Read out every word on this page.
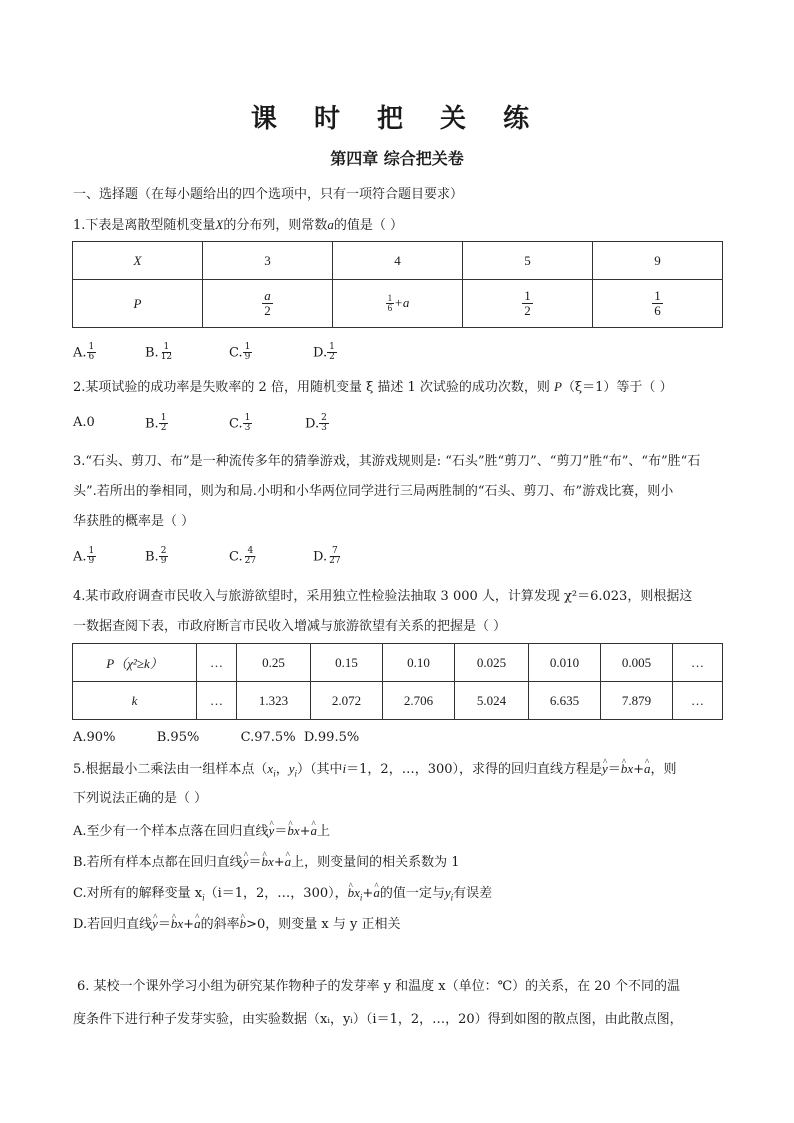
课 时 把 关 练
第四章 综合把关卷
一、选择题（在每小题给出的四个选项中，只有一项符合题目要求）
1.下表是离散型随机变量X的分布列，则常数a的值是（ ）
X	3	4	5	9
P	$\frac{a}{2}$	$\frac{1}{6} +a$	$\frac{1}{2}$	$\frac{1}{6}$
A. $\frac{1}{6}$	B. $\frac{1}{12}$	C. $\frac{1}{9}$	D. $\frac{1}{2}$
2.某项试验的成功率是失败率的 2 倍，用随机变量 ξ 描述 1 次试验的成功次数，则 P（ξ＝1）等于（ ）
A.0	B. $\frac{1}{2}$	C. $\frac{1}{3}$	D. $\frac{2}{3}$
3.“石头、剪刀、布”是一种流传多年的猜拳游戏，其游戏规则是: “石头”胜“剪刀”、“剪刀”胜“布”、“布”胜“石
头”.若所出的拳相同，则为和局.小明和小华两位同学进行三局两胜制的“石头、剪刀、布”游戏比赛，则小
华获胜的概率是（ ）
A. $\frac{1}{9}$	B. $\frac{2}{9}$	C. $\frac{4}{27}$	D. $\frac{7}{27}$
4.某市政府调查市民收入与旅游欲望时，采用独立性检验法抽取 3 000 人，计算发现 χ²＝6.023，则根据这
一数据查阅下表，市政府断言市民收入增减与旅游欲望有关系的把握是（ ）
P（χ²≥k）	…	0.25	0.15	0.10	0.025	0.010	0.005	…
k	…	1.323	2.072	2.706	5.024	6.635	7.879	…
A.90%          B.95%          C.97.5%  D.99.5%
5.根据最小二乘法由一组样本点（$x_i$，$y_i$）（其中i＝1，2，…，300），求得的回归直线方程是^ y＝^ bx+^ a，则
下列说法正确的是（ ）
A.至少有一个样本点落在回归直线^ y＝^ bx+^ a上
B.若所有样本点都在回归直线^ y＝^ bx+^ a上，则变量间的相关系数为 1
C.对所有的解释变量 $x_i(i=1$，2，…，300），^ $bx_i+\^{}$ a的值一定与$y_i$有误差
D.若回归直线^ y＝^ bx+^ a的斜率^ b>0，则变量 x 与 y 正相关
6. 某校一个课外学习小组为研究某作物种子的发芽率 y 和温度 x（单位：℃）的关系，在 20 个不同的温
度条件下进行种子发芽实验，由实验数据（xᵢ，yᵢ）（i＝1，2，…，20）得到如图的散点图，由此散点图，
